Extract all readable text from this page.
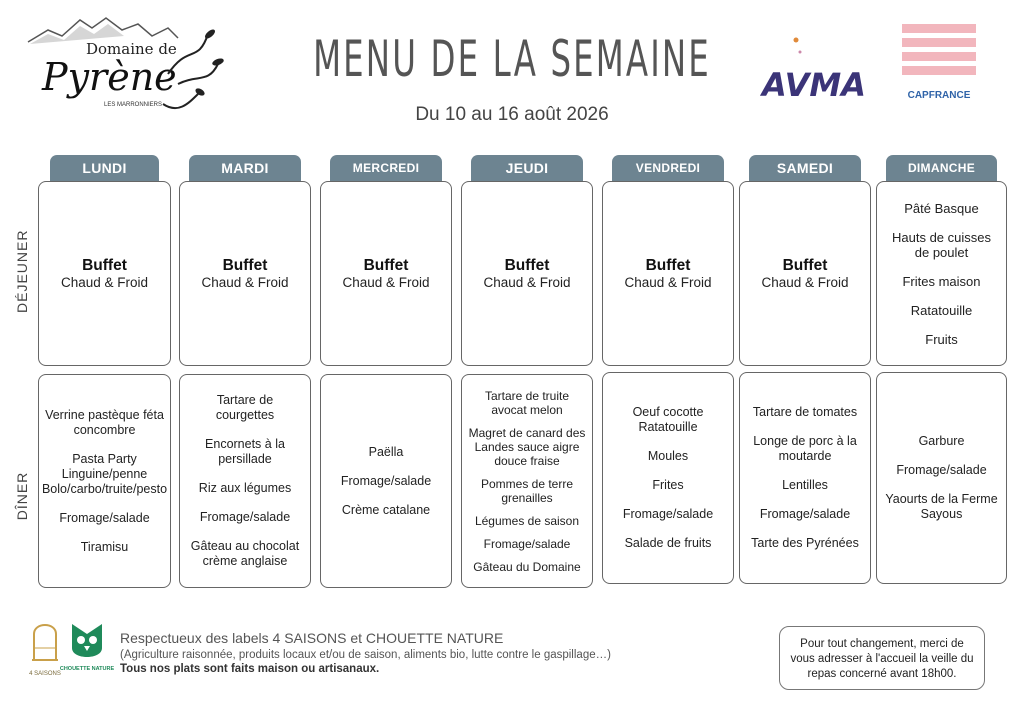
Domaine de
Pyrène
LES MARRONNIERS
MENU DE LA SEMAINE
Du 10 au 16 août 2026
AVMA	CAPFRANCE
DÉJEUNER
DÎNER
LUNDI
Buffet
Chaud & Froid
Verrine pastèque féta concombre
Pasta Party Linguine/penne Bolo/carbo/truite/pesto
Fromage/salade
Tiramisu
MARDI
Buffet
Chaud & Froid
Tartare de courgettes
Encornets à la persillade
Riz aux légumes
Fromage/salade
Gâteau au chocolat crème anglaise
MERCREDI
Buffet
Chaud & Froid
Paëlla
Fromage/salade
Crème catalane
JEUDI
Buffet
Chaud & Froid
Tartare de truite avocat melon
Magret de canard des Landes sauce aigre douce fraise
Pommes de terre grenailles
Légumes de saison
Fromage/salade
Gâteau du Domaine
VENDREDI
Buffet
Chaud & Froid
Oeuf cocotte Ratatouille
Moules
Frites
Fromage/salade
Salade de fruits
SAMEDI
Buffet
Chaud & Froid
Tartare de tomates
Longe de porc à la moutarde
Lentilles
Fromage/salade
Tarte des Pyrénées
DIMANCHE
Pâté Basque
Hauts de cuisses de poulet
Frites maison
Ratatouille
Fruits
Garbure
Fromage/salade
Yaourts de la Ferme Sayous
4 SAISONS
CHOUETTE NATURE
Respectueux des labels 4 SAISONS et CHOUETTE NATURE
(Agriculture raisonnée, produits locaux et/ou de saison, aliments bio, lutte contre le gaspillage…)
Tous nos plats sont faits maison ou artisanaux.
Pour tout changement, merci de vous adresser à l'accueil la veille du repas concerné avant 18h00.
